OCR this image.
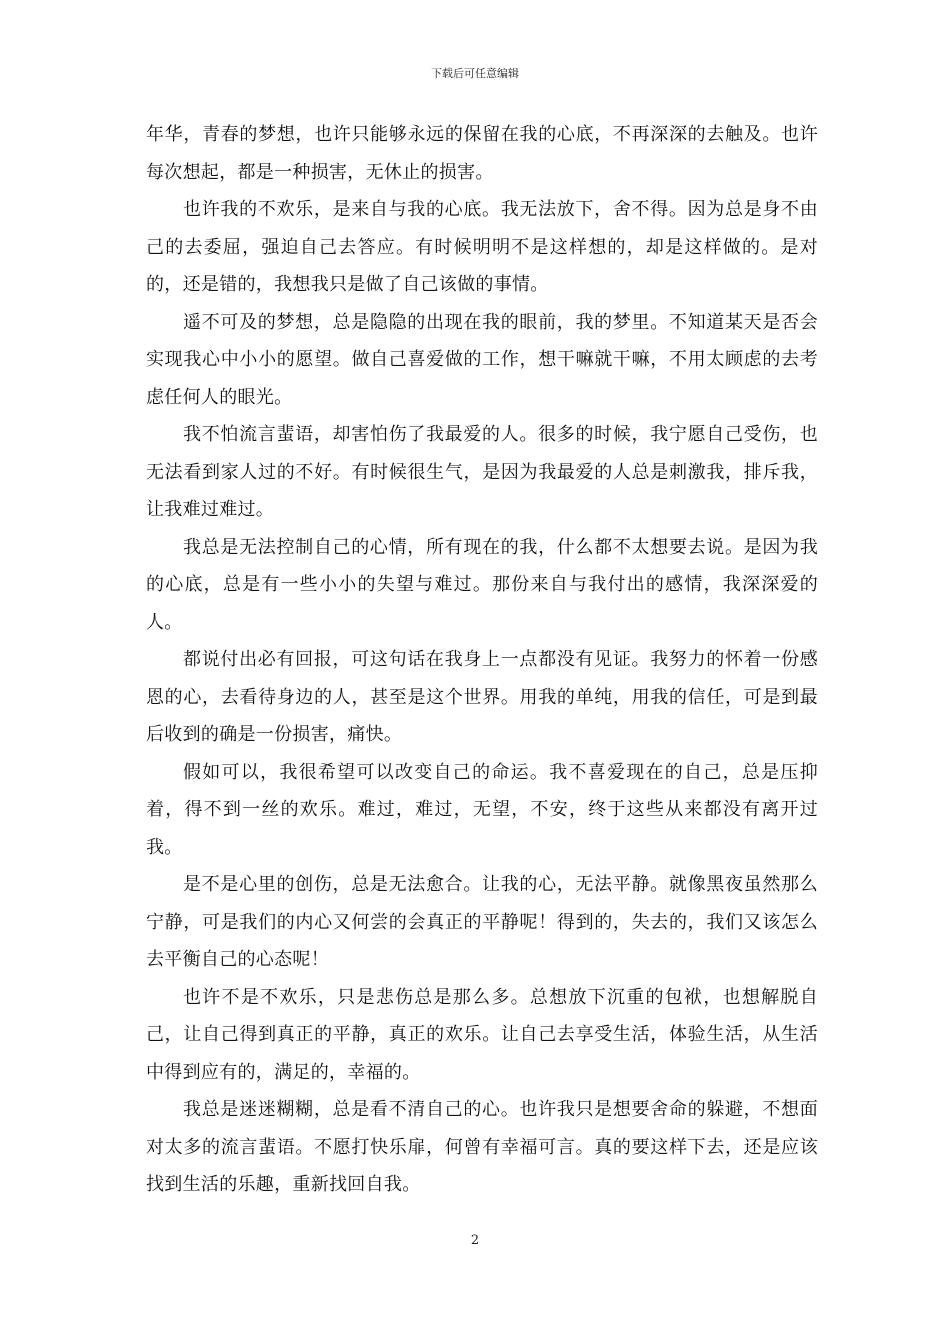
下载后可任意编辑

年华，青春的梦想，也许只能够永远的保留在我的心底，不再深深的去触及。也许每次想起，都是一种损害，无休止的损害。

也许我的不欢乐，是来自与我的心底。我无法放下，舍不得。因为总是身不由己的去委屈，强迫自己去答应。有时候明明不是这样想的，却是这样做的。是对的，还是错的，我想我只是做了自己该做的事情。

遥不可及的梦想，总是隐隐的出现在我的眼前，我的梦里。不知道某天是否会实现我心中小小的愿望。做自己喜爱做的工作，想干嘛就干嘛，不用太顾虑的去考虑任何人的眼光。

我不怕流言蜚语，却害怕伤了我最爱的人。很多的时候，我宁愿自己受伤，也无法看到家人过的不好。有时候很生气，是因为我最爱的人总是刺激我，排斥我，让我难过难过。

我总是无法控制自己的心情，所有现在的我，什么都不太想要去说。是因为我的心底，总是有一些小小的失望与难过。那份来自与我付出的感情，我深深爱的人。

都说付出必有回报，可这句话在我身上一点都没有见证。我努力的怀着一份感恩的心，去看待身边的人，甚至是这个世界。用我的单纯，用我的信任，可是到最后收到的确是一份损害，痛快。

假如可以，我很希望可以改变自己的命运。我不喜爱现在的自己，总是压抑着，得不到一丝的欢乐。难过，难过，无望，不安，终于这些从来都没有离开过我。

是不是心里的创伤，总是无法愈合。让我的心，无法平静。就像黑夜虽然那么宁静，可是我们的内心又何尝的会真正的平静呢！得到的，失去的，我们又该怎么去平衡自己的心态呢！

也许不是不欢乐，只是悲伤总是那么多。总想放下沉重的包袱，也想解脱自己，让自己得到真正的平静，真正的欢乐。让自己去享受生活，体验生活，从生活中得到应有的，满足的，幸福的。

我总是迷迷糊糊，总是看不清自己的心。也许我只是想要舍命的躲避，不想面对太多的流言蜚语。不愿打快乐扉，何曾有幸福可言。真的要这样下去，还是应该找到生活的乐趣，重新找回自我。

2
